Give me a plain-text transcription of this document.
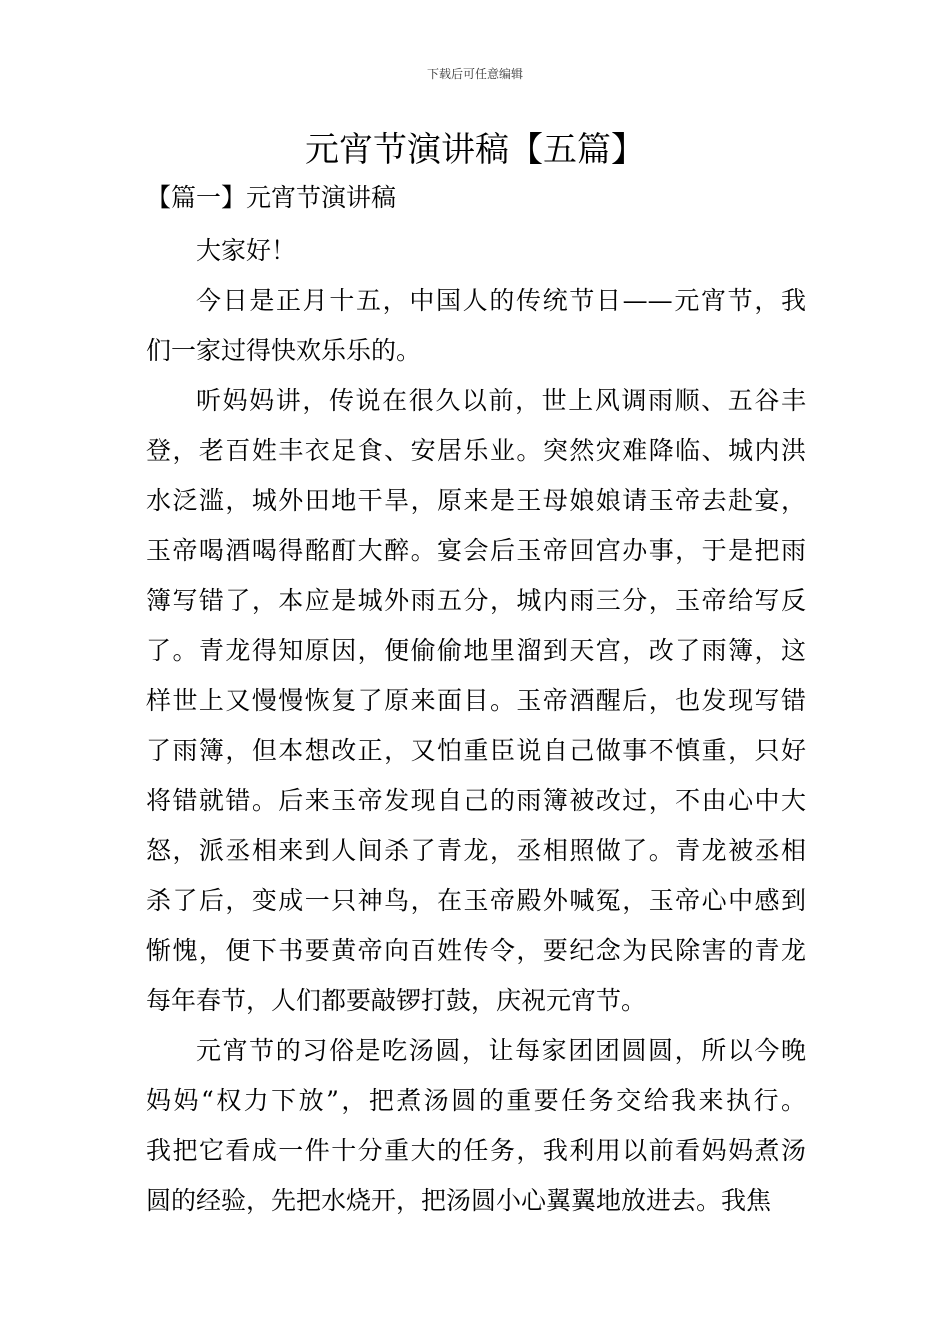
下载后可任意编辑
元宵节演讲稿【五篇】
【篇一】元宵节演讲稿

大家好！

今日是正月十五，中国人的传统节日——元宵节，我
们一家过得快欢乐乐的。

听妈妈讲，传说在很久以前，世上风调雨顺、五谷丰
登，老百姓丰衣足食、安居乐业。突然灾难降临、城内洪
水泛滥，城外田地干旱，原来是王母娘娘请玉帝去赴宴，
玉帝喝酒喝得酩酊大醉。宴会后玉帝回宫办事，于是把雨
簿写错了，本应是城外雨五分，城内雨三分，玉帝给写反
了。青龙得知原因，便偷偷地里溜到天宫，改了雨簿，这
样世上又慢慢恢复了原来面目。玉帝酒醒后，也发现写错
了雨簿，但本想改正，又怕重臣说自己做事不慎重，只好
将错就错。后来玉帝发现自己的雨簿被改过，不由心中大
怒，派丞相来到人间杀了青龙，丞相照做了。青龙被丞相
杀了后，变成一只神鸟，在玉帝殿外喊冤，玉帝心中感到
惭愧，便下书要黄帝向百姓传令，要纪念为民除害的青龙
每年春节，人们都要敲锣打鼓，庆祝元宵节。

元宵节的习俗是吃汤圆，让每家团团圆圆，所以今晚
妈妈“权力下放”，把煮汤圆的重要任务交给我来执行。
我把它看成一件十分重大的任务，我利用以前看妈妈煮汤
圆的经验，先把水烧开，把汤圆小心翼翼地放进去。我焦
